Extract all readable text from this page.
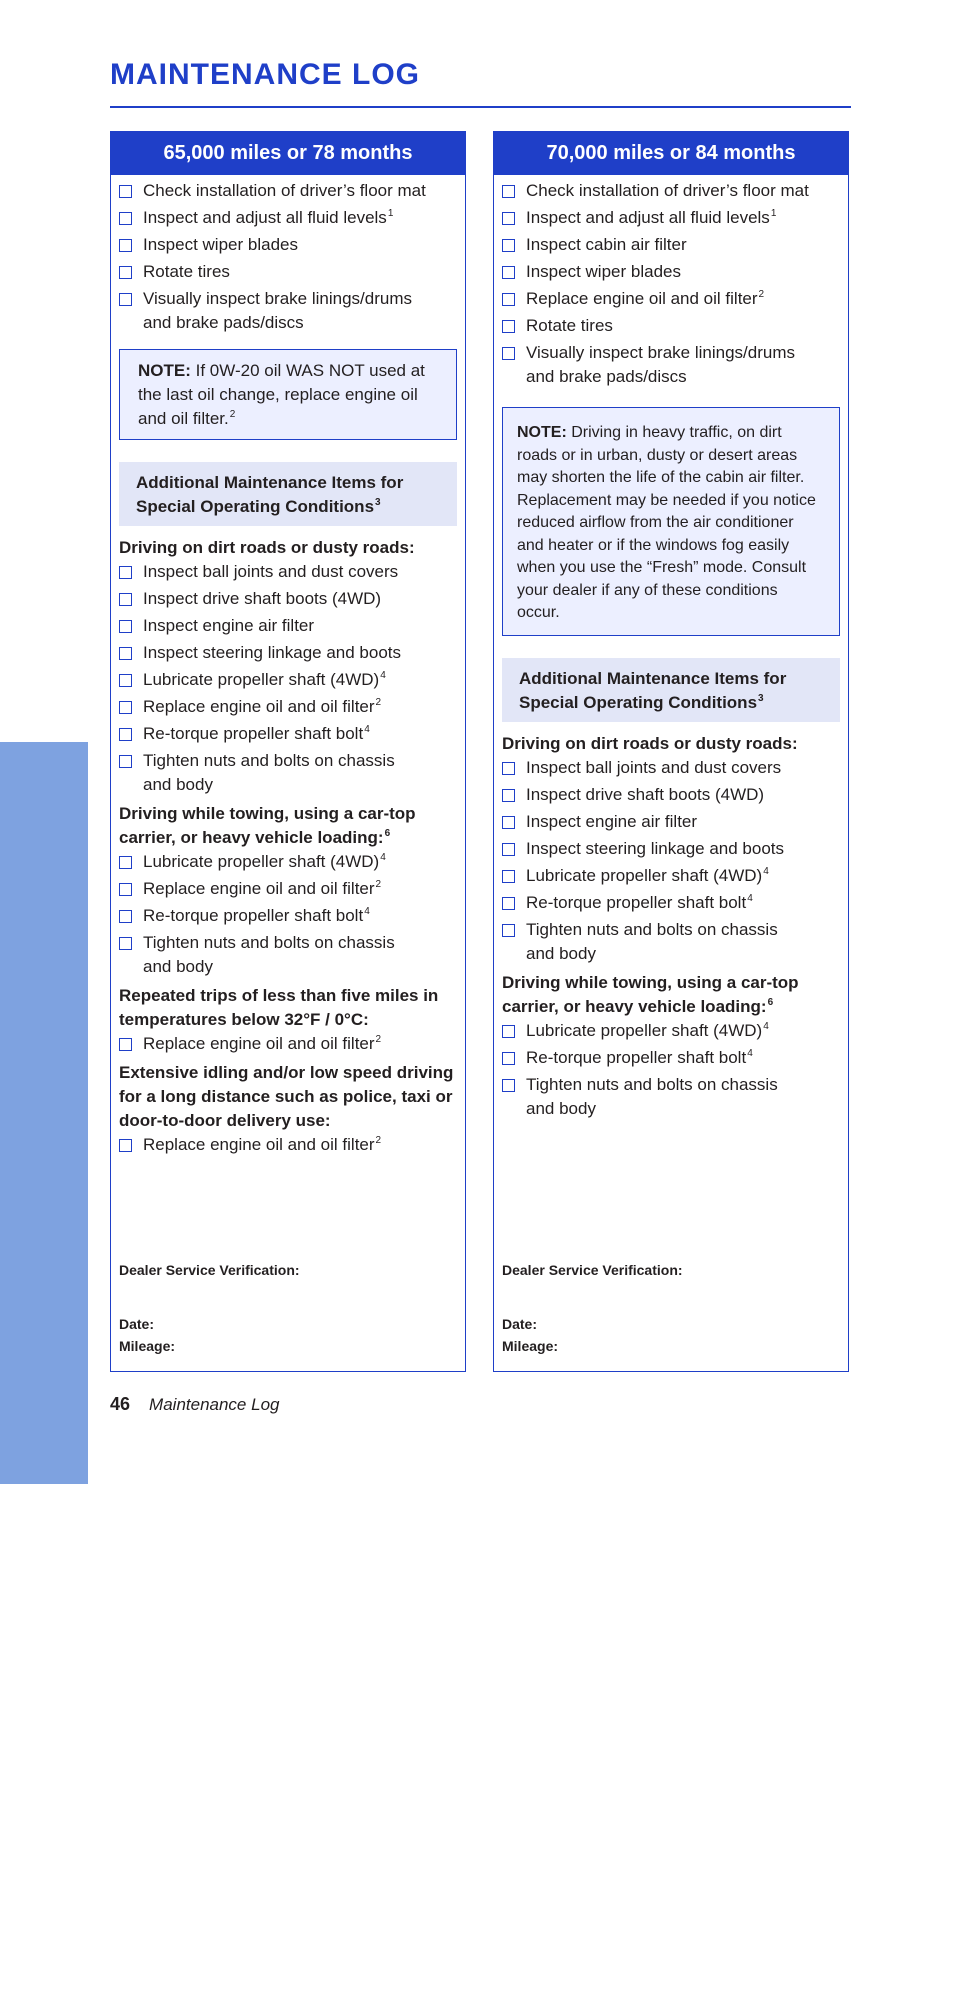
MAINTENANCE LOG
MAINTENANCE
65,000 miles or 78 months
Check installation of driver’s floor mat
Inspect and adjust all fluid levels$^1$
Inspect wiper blades
Rotate tires
Visually inspect brake linings/drums
and brake pads/discs
NOTE: If 0W-20 oil WAS NOT used at the last oil change, replace engine oil and oil filter.$^2$
Additional Maintenance Items for
Special Operating Conditions$^3$
Driving on dirt roads or dusty roads:
Inspect ball joints and dust covers
Inspect drive shaft boots (4WD)
Inspect engine air filter
Inspect steering linkage and boots
Lubricate propeller shaft $(4WD)^4$
Replace engine oil and oil filter$^2$
Re-torque propeller shaft bolt$^4$
Tighten nuts and bolts on chassis
and body
Driving while towing, using a car-top carrier, or heavy vehicle loading:$^6$
Lubricate propeller shaft $(4WD)^4$
Replace engine oil and oil filter$^2$
Re-torque propeller shaft bolt$^4$
Tighten nuts and bolts on chassis
and body
Repeated trips of less than five miles in temperatures below 32°F / 0°C:
Replace engine oil and oil filter$^2$
Extensive idling and/or low speed driving for a long distance such as police, taxi or door-to-door delivery use:
Replace engine oil and oil filter$^2$
Dealer Service Verification:
Date:
Mileage:
70,000 miles or 84 months
Check installation of driver’s floor mat
Inspect and adjust all fluid levels$^1$
Inspect cabin air filter
Inspect wiper blades
Replace engine oil and oil filter$^2$
Rotate tires
Visually inspect brake linings/drums
and brake pads/discs
NOTE: Driving in heavy traffic, on dirt roads or in urban, dusty or desert areas may shorten the life of the cabin air filter. Replacement may be needed if you notice reduced airflow from the air conditioner and heater or if the windows fog easily when you use the “Fresh” mode. Consult your dealer if any of these conditions occur.
Additional Maintenance Items for
Special Operating Conditions$^3$
Driving on dirt roads or dusty roads:
Inspect ball joints and dust covers
Inspect drive shaft boots (4WD)
Inspect engine air filter
Inspect steering linkage and boots
Lubricate propeller shaft $(4WD)^4$
Re-torque propeller shaft bolt$^4$
Tighten nuts and bolts on chassis
and body
Driving while towing, using a car-top carrier, or heavy vehicle loading:$^6$
Lubricate propeller shaft $(4WD)^4$
Re-torque propeller shaft bolt$^4$
Tighten nuts and bolts on chassis
and body
Dealer Service Verification:
Date:
Mileage:
46 Maintenance Log
